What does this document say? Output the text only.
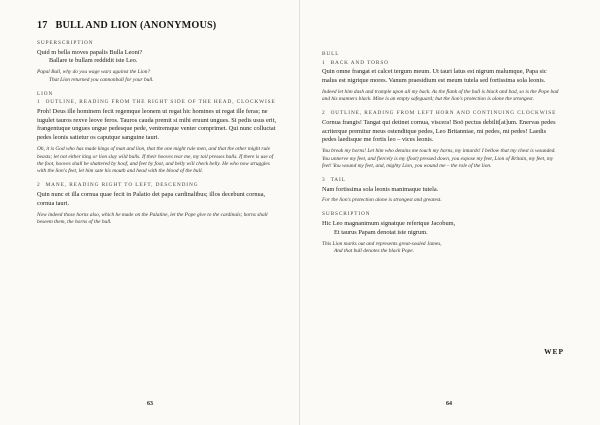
17 BULL AND LION (ANONYMOUS)
SUPERSCRIPTION
Quid m bella moves papalis Bulla Leoni?
Ballare te bullam reddidit iste Leo.
Papal Bull, why do you wage wars against the Lion?
That Lion returned you cannonball for your bull.
LION
1 OUTLINE, READING FROM THE RIGHT SIDE OF THE HEAD, CLOCKWISE
Proh! Deus ille hominem fecit regemque leonem ut regat hic homines ut regat ille feras; ne iugulet tauros rexve leove feros. Tauros cauda premit si mihi eruunt ungues. Si pedis usus erit, frangentuque ungues ungue pedesque pede, ventremque venter comprimet. Qui nunc colluctat pedes leonis satietur os caputque sanguine tauri.
Oh, it is God who has made kings of man and lion, that the one might rule men, and that the other might rule beasts; let not either king or lion slay wild bulls. If their hooves tear me, my tail presses bulls. If there is use of the foot, hooves shall be shattered by hoof, and feet by foot, and belly will check belly. He who now struggles with the lion's feet, let him sate his mouth and head with the blood of the bull.
2 MANE, READING RIGHT TO LEFT, DESCENDING
Quin nunc et illa cornua quae fecit in Palatio det papa cardinalibus; illos decebunt cornua, cornua tauri.
Now indeed those horns also, which he made on the Palatine, let the Pope give to the cardinals; horns shall beseem them, the horns of the bull.
63
BULL
1 BACK AND TORSO
Quin omne frangat et calcet tergum meum. Ut tauri latus est nigrum malumque, Papa sic malus est nigrique mores. Vanum praesidium est meum tutela sed fortissima sola leonis.
Indeed let him dash and trample upon all my back. As the flank of the bull is black and bad, so is the Pope bad and his manners black. Mine is an empty safeguard; but the lion's protection is alone the strongest.
2 OUTLINE, READING FROM LEFT HORN AND CONTINUING CLOCKWISE
Cornua frangis! Tangat qui detinet cornua, viscera! Boö pectus debilit[at]um. Enervas pedes acriterque premitur meus ostenditque pedes, Leo Britanniae, mi pedes, mi pedes! Laedis pedes laedisque me fortis leo – vices leonis.
You break my horns! Let him who detains me touch my horns, my innards! I bellow that my chest is wounded. You unnerve my feet, and fiercely is my (foot) pressed down, you expose my feet, Lion of Britain, my feet, my feet! You wound my feet, and, mighty Lion, you wound me – the role of the lion.
3 TAIL
Nam fortissima sola leonis manimaque tutela.
For the lion's protection alone is strongest and greatest.
SUBSCRIPTION
Hic Leo magnanimum signatque refertque Jacobum,
Et taurus Papam denotat iste nigrum.
This Lion marks out and represents great-souled James,
And that bull denotes the black Pope.
WEP
64
